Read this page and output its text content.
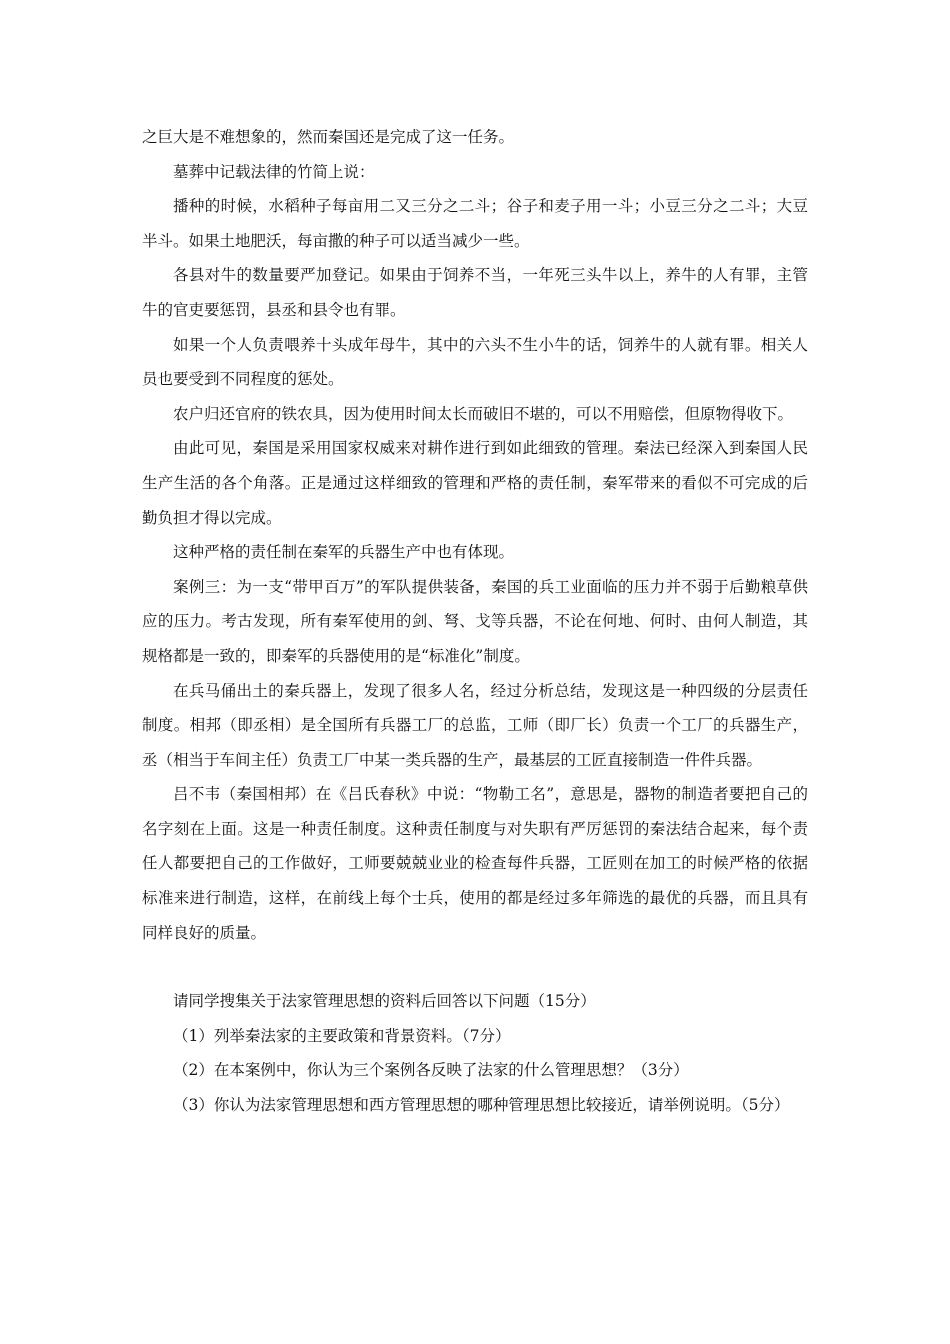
之巨大是不难想象的，然而秦国还是完成了这一任务。

墓葬中记载法律的竹简上说：

播种的时候，水稻种子每亩用二又三分之二斗；谷子和麦子用一斗；小豆三分之二斗；大豆半斗。如果土地肥沃，每亩撒的种子可以适当减少一些。

各县对牛的数量要严加登记。如果由于饲养不当，一年死三头牛以上，养牛的人有罪，主管牛的官吏要惩罚，县丞和县令也有罪。

如果一个人负责喂养十头成年母牛，其中的六头不生小牛的话，饲养牛的人就有罪。相关人员也要受到不同程度的惩处。

农户归还官府的铁农具，因为使用时间太长而破旧不堪的，可以不用赔偿，但原物得收下。

由此可见，秦国是采用国家权威来对耕作进行到如此细致的管理。秦法已经深入到秦国人民生产生活的各个角落。正是通过这样细致的管理和严格的责任制，秦军带来的看似不可完成的后勤负担才得以完成。

这种严格的责任制在秦军的兵器生产中也有体现。

案例三：为一支“带甲百万”的军队提供装备，秦国的兵工业面临的压力并不弱于后勤粮草供应的压力。考古发现，所有秦军使用的剑、弩、戈等兵器，不论在何地、何时、由何人制造，其规格都是一致的，即秦军的兵器使用的是“标准化”制度。

在兵马俑出土的秦兵器上，发现了很多人名，经过分析总结，发现这是一种四级的分层责任制度。相邦（即丞相）是全国所有兵器工厂的总监，工师（即厂长）负责一个工厂的兵器生产，丞（相当于车间主任）负责工厂中某一类兵器的生产，最基层的工匠直接制造一件件兵器。

吕不韦（秦国相邦）在《吕氏春秋》中说：“物勒工名”，意思是，器物的制造者要把自己的名字刻在上面。这是一种责任制度。这种责任制度与对失职有严厉惩罚的秦法结合起来，每个责任人都要把自己的工作做好，工师要兢兢业业的检查每件兵器，工匠则在加工的时候严格的依据标准来进行制造，这样，在前线上每个士兵，使用的都是经过多年筛选的最优的兵器，而且具有同样良好的质量。

请同学搜集关于法家管理思想的资料后回答以下问题（15分）

（1）列举秦法家的主要政策和背景资料。（7分）

（2）在本案例中，你认为三个案例各反映了法家的什么管理思想？（3分）

（3）你认为法家管理思想和西方管理思想的哪种管理思想比较接近，请举例说明。（5分）
